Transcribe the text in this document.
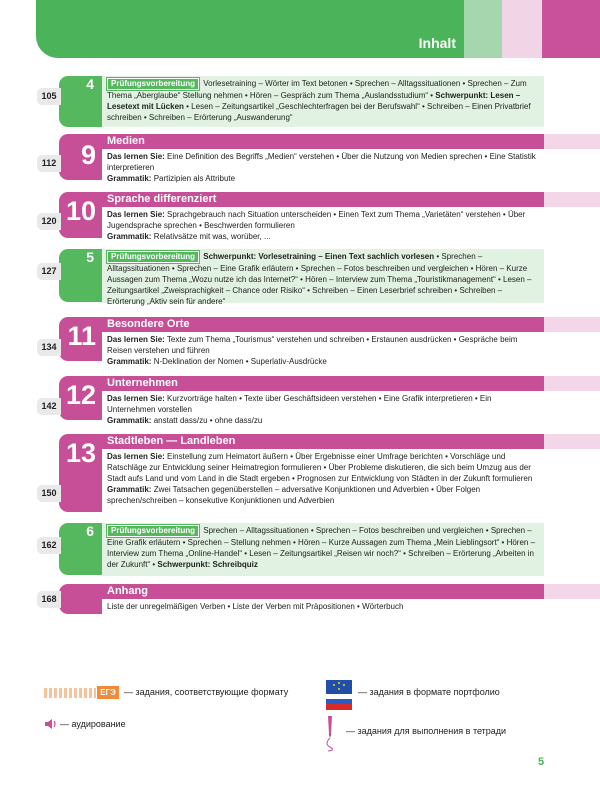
Inhalt
4
105
Prüfungsvorbereitung Vorlesetraining – Wörter im Text betonen • Sprechen – Alltagssituationen • Sprechen – Zum Thema „Aberglaube“ Stellung nehmen • Hören – Gespräch zum Thema „Auslandsstudium“ • Schwerpunkt: Lesen – Lesetext mit Lücken • Lesen – Zeitungsartikel „Geschlechterfragen bei der Berufswahl“ • Schreiben – Einen Privatbrief schreiben • Schreiben – Erörterung „Auswanderung“
9
112
Medien
Das lernen Sie: Eine Definition des Begriffs „Medien“ verstehen • Über die Nutzung von Medien sprechen • Eine Statistik interpretieren
Grammatik: Partizipien als Attribute
10
120
Sprache differenziert
Das lernen Sie: Sprachgebrauch nach Situation unterscheiden • Einen Text zum Thema „Varietäten“ verstehen • Über Jugendsprache sprechen • Beschwerden formulieren
Grammatik: Relativsätze mit was, worüber, ...
5
127
Prüfungsvorbereitung Schwerpunkt: Vorlesetraining – Einen Text sachlich vorlesen • Sprechen – Alltagssituationen • Sprechen – Eine Grafik erläutern • Sprechen – Fotos beschreiben und vergleichen • Hören – Kurze Aussagen zum Thema „Wozu nutze ich das Internet?“ • Hören – Interview zum Thema „Touristikmanagement“ • Lesen – Zeitungsartikel „Zweisprachigkeit – Chance oder Risiko“ • Schreiben – Einen Leserbrief schreiben • Schreiben – Erörterung „Aktiv sein für andere“
11
134
Besondere Orte
Das lernen Sie: Texte zum Thema „Tourismus“ verstehen und schreiben • Erstaunen ausdrücken • Gespräche beim Reisen verstehen und führen
Grammatik: N-Deklination der Nomen • Superlativ-Ausdrücke
12
142
Unternehmen
Das lernen Sie: Kurzvorträge halten • Texte über Geschäftsideen verstehen • Eine Grafik interpretieren • Ein Unternehmen vorstellen
Grammatik: anstatt dass/zu • ohne dass/zu
13
150
Stadtleben — Landleben
Das lernen Sie: Einstellung zum Heimatort äußern • Über Ergebnisse einer Umfrage berichten • Vorschläge und Ratschläge zur Entwicklung seiner Heimatregion formulieren • Über Probleme diskutieren, die sich beim Umzug aus der Stadt aufs Land und vom Land in die Stadt ergeben • Prognosen zur Entwicklung von Städten in der Zukunft formulieren
Grammatik: Zwei Tatsachen gegenüberstellen – adversative Konjunktionen und Adverbien • Über Folgen sprechen/schreiben – konsekutive Konjunktionen und Adverbien
6
162
Prüfungsvorbereitung Sprechen – Alltagssituationen • Sprechen – Fotos beschreiben und vergleichen • Sprechen – Eine Grafik erläutern • Sprechen – Stellung nehmen • Hören – Kurze Aussagen zum Thema „Mein Lieblingsort“ • Hören – Interview zum Thema „Online-Handel“ • Lesen – Zeitungsartikel „Reisen wir noch?“ • Schreiben – Erörterung „Arbeiten in der Zukunft“ • Schwerpunkt: Schreibquiz
168
Anhang
Liste der unregelmäßigen Verben • Liste der Verben mit Präpositionen • Wörterbuch
ЕГЭ — задания, соответствующие формату	— задания в формате портфолио
— аудирование
— задания для выполнения в тетради
5
